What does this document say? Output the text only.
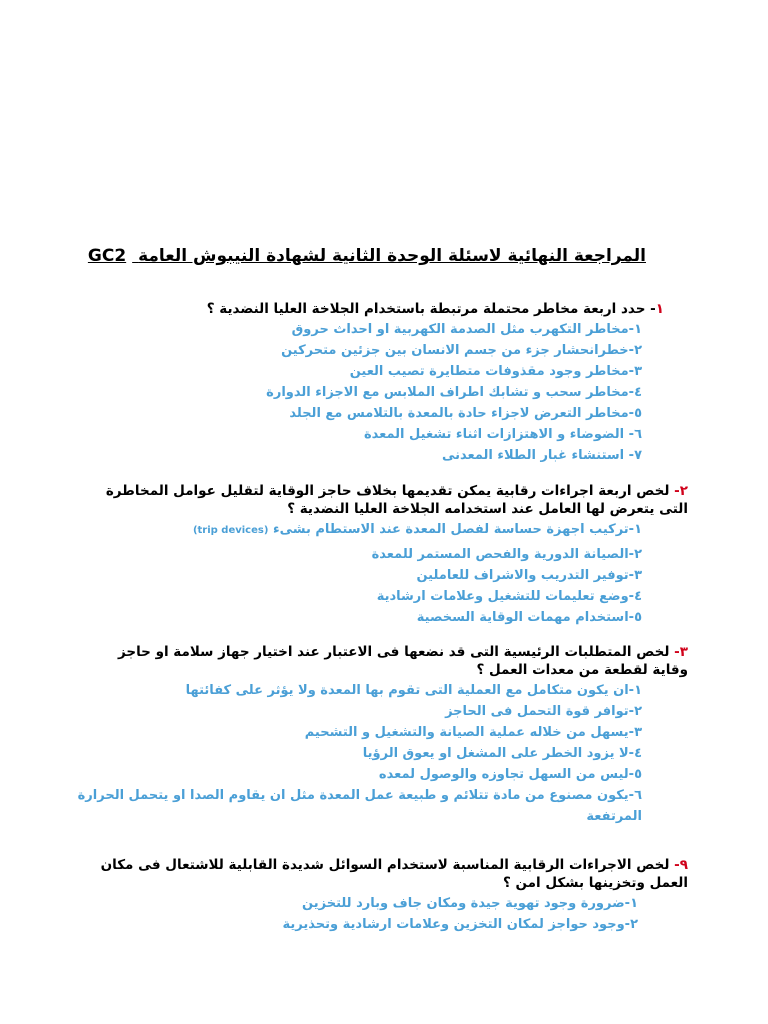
المراجعة النهائية لاسئلة الوحدة الثانية لشهادة النيبوش العامة GC2
١- حدد اربعة مخاطر محتملة مرتبطة باستخدام الجلاخة العليا النضدية ؟
١-مخاطر التكهرب مثل الصدمة الكهربية او احداث حروق
٢-خطرانحشار جزء من جسم الانسان بين جزئين متحركين
٣-مخاطر وجود مقذوفات متطايرة تصيب العين
٤-مخاطر سحب و تشابك اطراف الملابس مع الاجزاء الدوارة
٥-مخاطر التعرض لاجزاء حادة بالمعدة بالتلامس مع الجلد
٦- الضوضاء و الاهتزازات اثناء تشغيل المعدة
٧- استنشاء غبار الطلاء المعدنى
٢- لخص اربعة اجراءات رقابية يمكن تقديمها بخلاف حاجز الوقاية لتقليل عوامل المخاطرة التى يتعرض لها العامل عند استخدامه الجلاخة العليا النضدية ؟
١-تركيب اجهزة حساسة لفصل المعدة عند الاستطام بشىء (trip devices)
٢-الصيانة الدورية والفحص المستمر للمعدة
٣-توفير التدريب والاشراف للعاملين
٤-وضع تعليمات للتشغيل وعلامات ارشادية
٥-استخدام مهمات الوقاية السخصية
٣- لخص المتطلبات الرئيسية التى قد نضعها فى الاعتبار عند اختيار جهاز سلامة او حاجز وقاية لقطعة من معدات العمل ؟
١-ان يكون متكامل مع العملية التى تقوم بها المعدة ولا يؤثر على كفائتها
٢-توافر قوة التحمل فى الحاجز
٣-يسهل من خلاله عملية الصيانة والتشغيل و التشحيم
٤-لا يزود الخطر على المشغل او يعوق الرؤيا
٥-ليس من السهل تجاوزه والوصول لمعده
٦-يكون مصنوع من مادة تتلائم و طبيعة عمل المعدة مثل ان يقاوم الصدا او يتحمل الحرارة المرتفعة
٩- لخص الاجراءات الرقابية المناسبة لاستخدام السوائل شديدة القابلية للاشتعال فى مكان العمل وتخزينها بشكل امن ؟
١-ضرورة وجود تهوية جيدة ومكان جاف وبارد للتخزين
٢-وجود حواجز لمكان التخزين وعلامات ارشادية وتحذيرية
